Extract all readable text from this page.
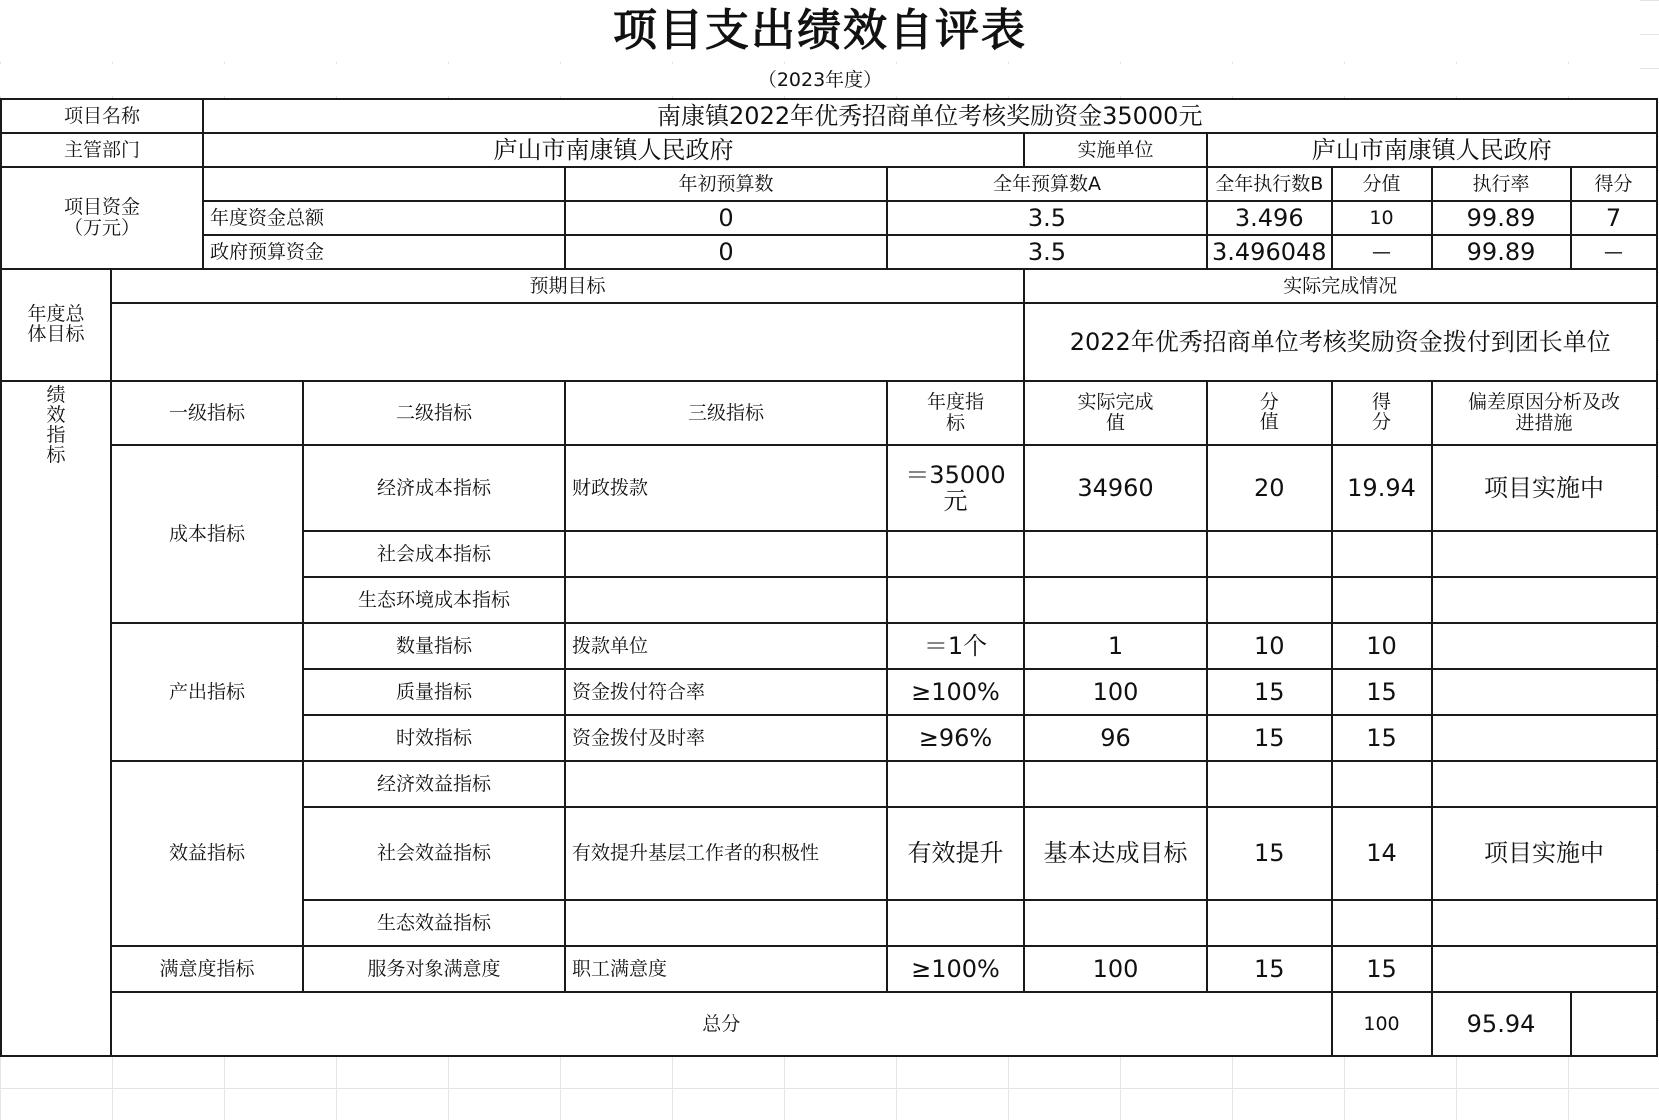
项目支出绩效自评表
（2023年度）
项目名称		南康镇2022年优秀招商单位考核奖励资金35000元								
主管部门		庐山市南康镇人民政府				实施单位	庐山市南康镇人民政府			
项目资金
（万元）				年初预算数	全年预算数A		全年执行数B	分值	执行率	得分
		年度资金总额		0	3.5		3.496	10	99.89	7
		政府预算资金		0	3.5		3.496048	—	99.89	—

年度总体目标	预期目标					实际完成情况				
						2022年优秀招商单位考核奖励资金拨付到团长单位				

绩效指标	一级指标		二级指标	三级指标	年度指标	实际完成值	分值	得分	偏差原因分析及改进措施	
	成本指标		经济成本指标	财政拨款	＝35000元	34960	20	19.94	项目实施中	
			社会成本指标							
			生态环境成本指标							
	产出指标		数量指标	拨款单位	＝1个	1	10	10		
			质量指标	资金拨付符合率	≥100%	100	15	15		
			时效指标	资金拨付及时率	≥96%	96	15	15		
	效益指标		经济效益指标							
			社会效益指标	有效提升基层工作者的积极性	有效提升	基本达成目标	15	14	项目实施中	
			生态效益指标							
	满意度指标		服务对象满意度	职工满意度	≥100%	100	15	15		
	总分							100	95.94	
